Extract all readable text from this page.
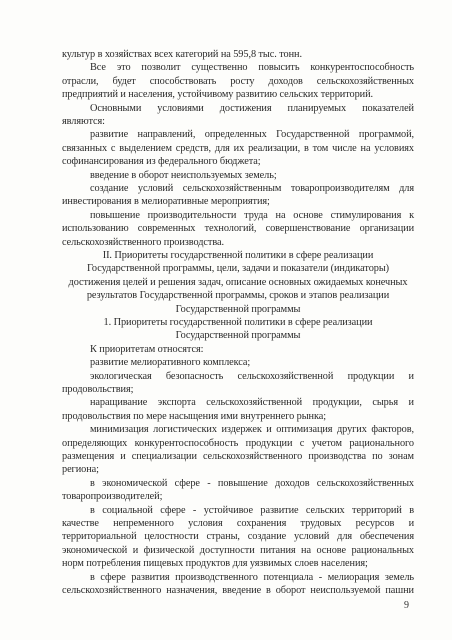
культур в хозяйствах всех категорий на 595,8 тыс. тонн.
Все это позволит существенно повысить конкурентоспособность
отрасли, будет способствовать росту доходов сельскохозяйственных
предприятий и населения, устойчивому развитию сельских территорий.
Основными условиями достижения планируемых показателей
являются:
развитие направлений, определенных Государственной программой,
связанных с выделением средств, для их реализации, в том числе на условиях
софинансирования из федерального бюджета;
введение в оборот неиспользуемых земель;
создание условий сельскохозяйственным товаропроизводителям для
инвестирования в мелиоративные мероприятия;
повышение производительности труда на основе стимулирования к
использованию современных технологий, совершенствование организации
сельскохозяйственного производства.
II. Приоритеты государственной политики в сфере реализации
Государственной программы, цели, задачи и показатели (индикаторы)
достижения целей и решения задач, описание основных ожидаемых конечных
результатов Государственной программы, сроков и этапов реализации
Государственной программы
1. Приоритеты государственной политики в сфере реализации
Государственной программы
К приоритетам относятся:
развитие мелиоративного комплекса;
экологическая безопасность сельскохозяйственной продукции и
продовольствия;
наращивание экспорта сельскохозяйственной продукции, сырья и
продовольствия по мере насыщения ими внутреннего рынка;
минимизация логистических издержек и оптимизация других факторов,
определяющих конкурентоспособность продукции с учетом рационального
размещения и специализации сельскохозяйственного производства по зонам
региона;
в экономической сфере - повышение доходов сельскохозяйственных
товаропроизводителей;
в социальной сфере - устойчивое развитие сельских территорий в
качестве непременного условия сохранения трудовых ресурсов и
территориальной целостности страны, создание условий для обеспечения
экономической и физической доступности питания на основе рациональных
норм потребления пищевых продуктов для уязвимых слоев населения;
в сфере развития производственного потенциала - мелиорация земель
сельскохозяйственного назначения, введение в оборот неиспользуемой пашни
9
